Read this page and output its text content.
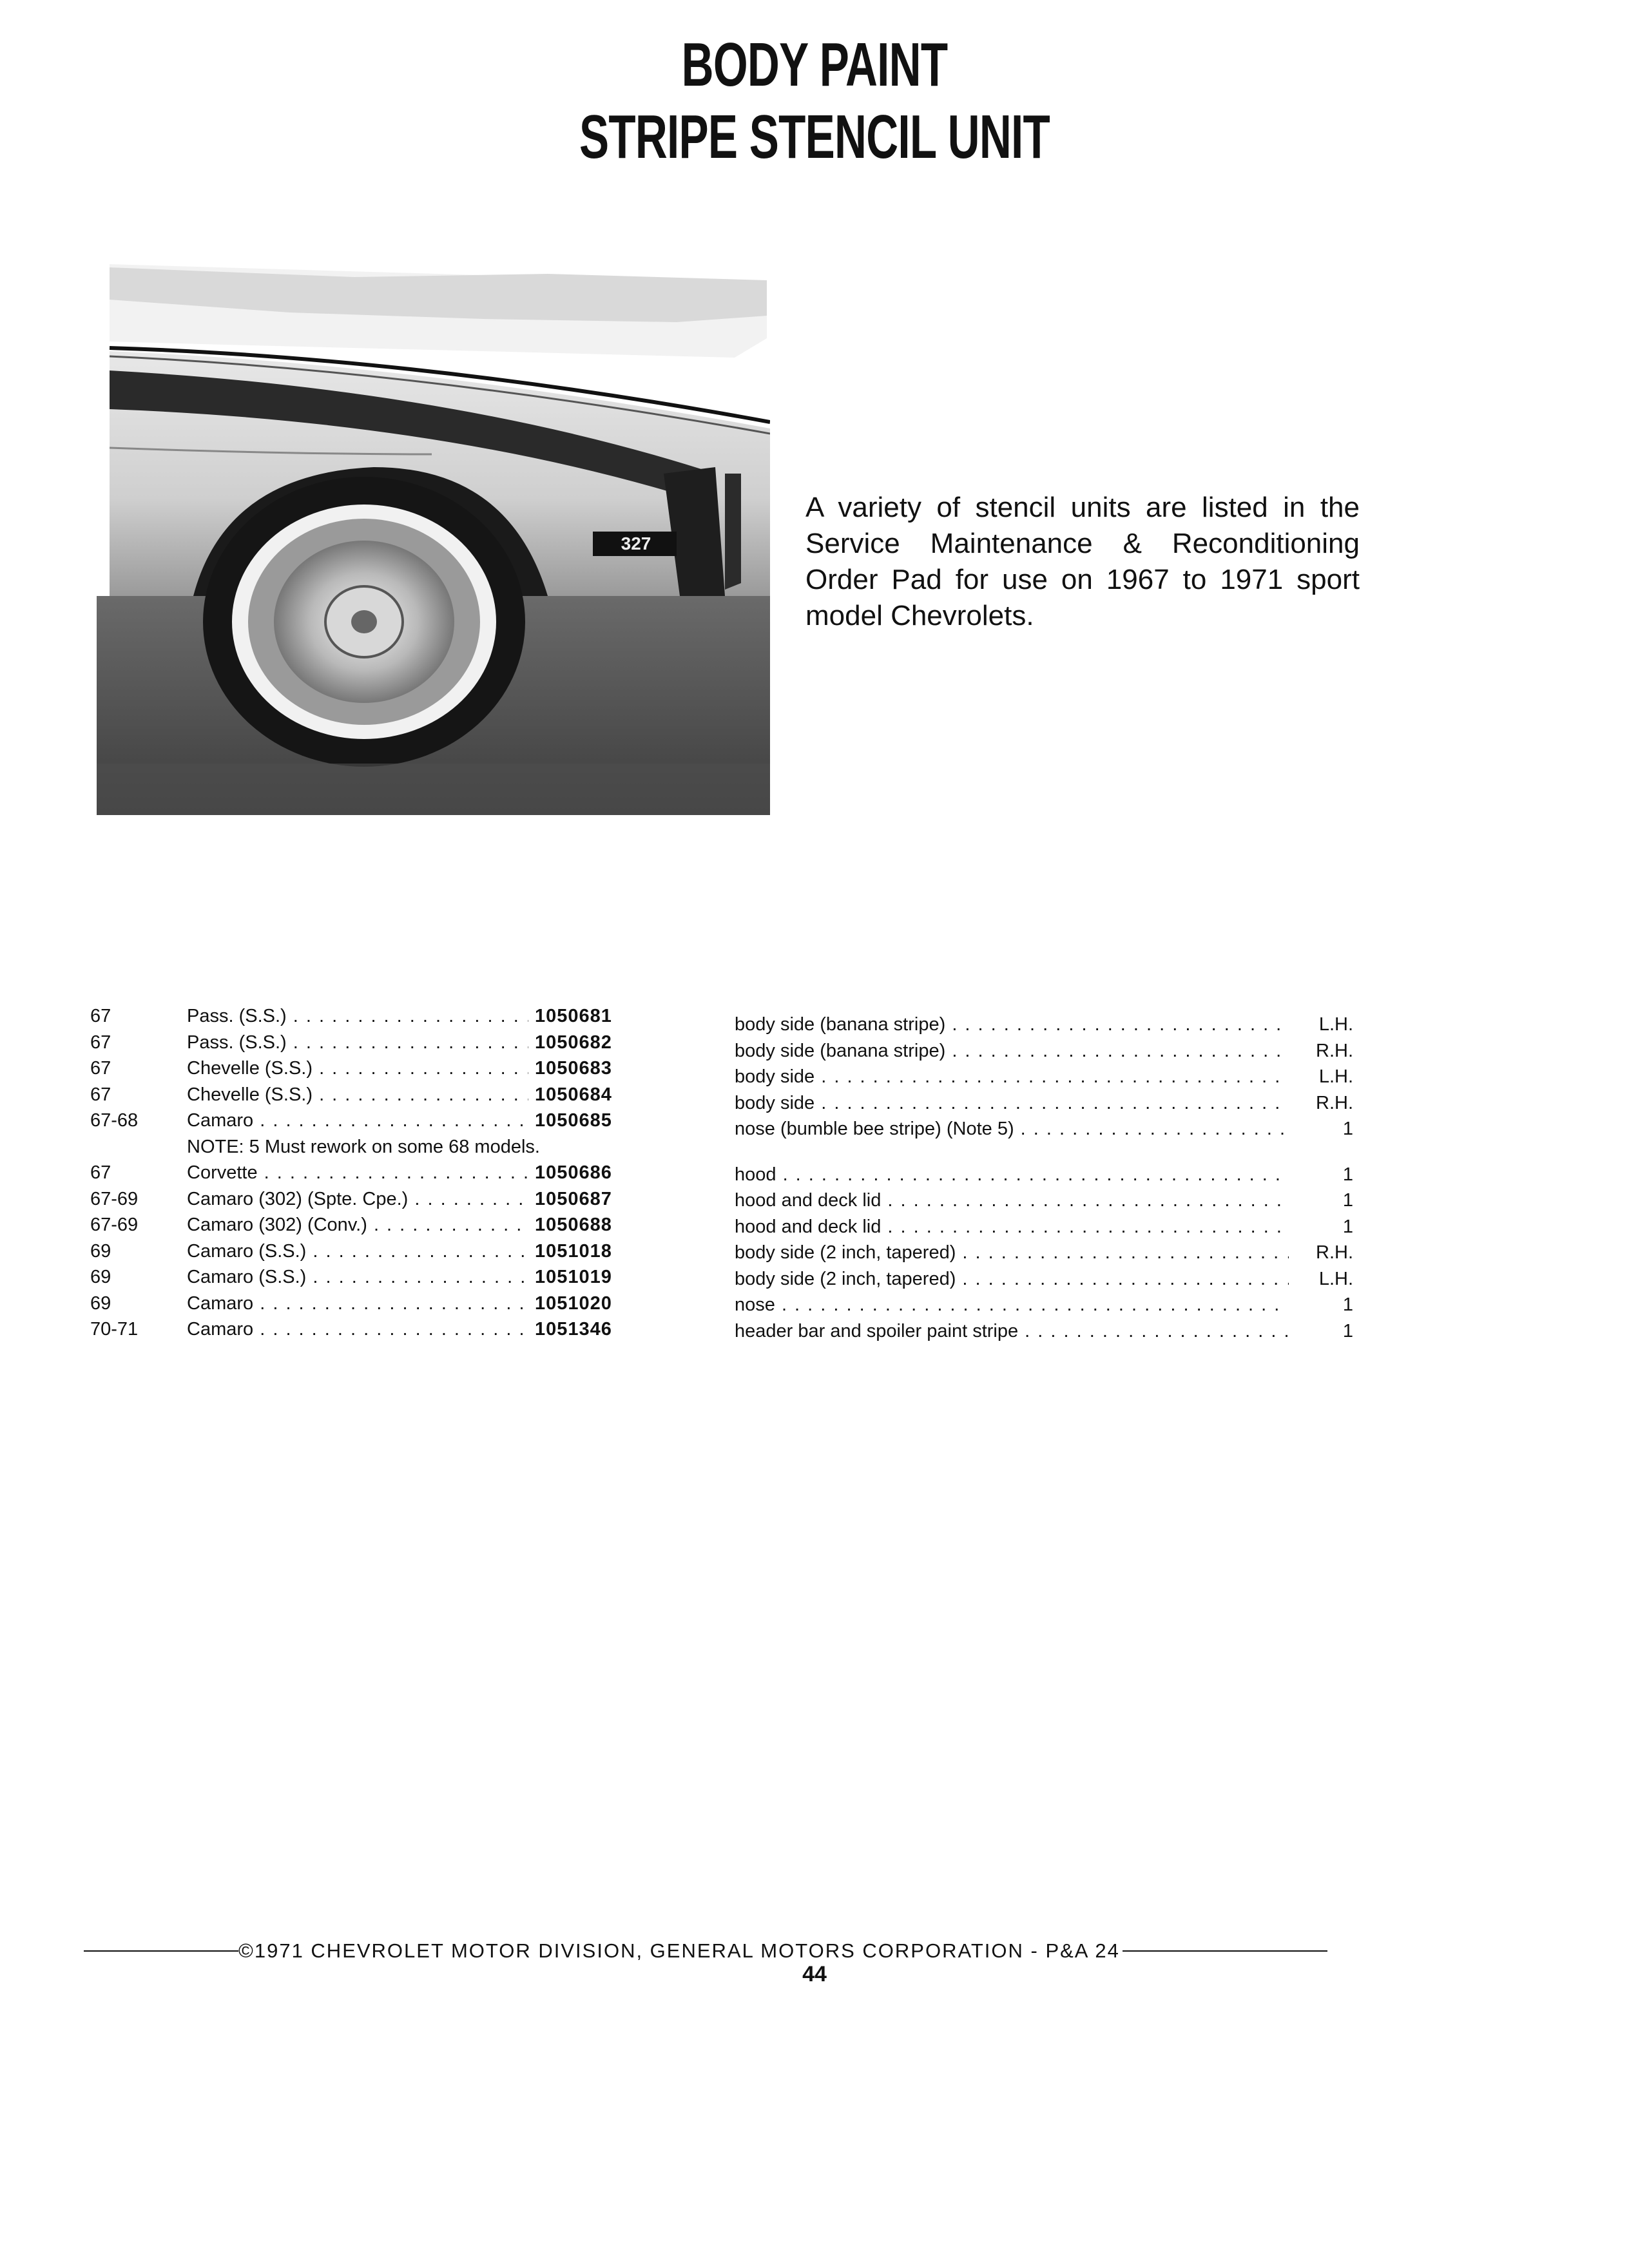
BODY PAINT
STRIPE STENCIL UNIT
327
A variety of stencil units are listed in the Service Maintenance & Reconditioning Order Pad for use on 1967 to 1971 sport model Chevrolets.
67	Pass. (S.S.) . . .	1050681
67	Pass. (S.S.) . . .	1050682
67	Chevelle (S.S.) . . .	1050683
67	Chevelle (S.S.) . . .	1050684
67-68	Camaro . . .	1050685
NOTE: 5 Must rework on some 68 models.
67	Corvette . . .	1050686
67-69	Camaro (302) (Spte. Cpe.) . . .	1050687
67-69	Camaro (302) (Conv.) . . .	1050688
69	Camaro (S.S.) . . .	1051018
69	Camaro (S.S.) . . .	1051019
69	Camaro . . .	1051020
70-71	Camaro . . .	1051346
body side (banana stripe) . . .	L.H.
body side (banana stripe) . . .	R.H.
body side . . .	L.H.
body side . . .	R.H.
nose (bumble bee stripe) (Note 5) . . .	1
hood . . .	1
hood and deck lid . . .	1
hood and deck lid . . .	1
body side (2 inch, tapered) . . .	R.H.
body side (2 inch, tapered) . . .	L.H.
nose . . .	1
header bar and spoiler paint stripe . . .	1
©1971 CHEVROLET MOTOR DIVISION, GENERAL MOTORS CORPORATION - P&A 24
44
